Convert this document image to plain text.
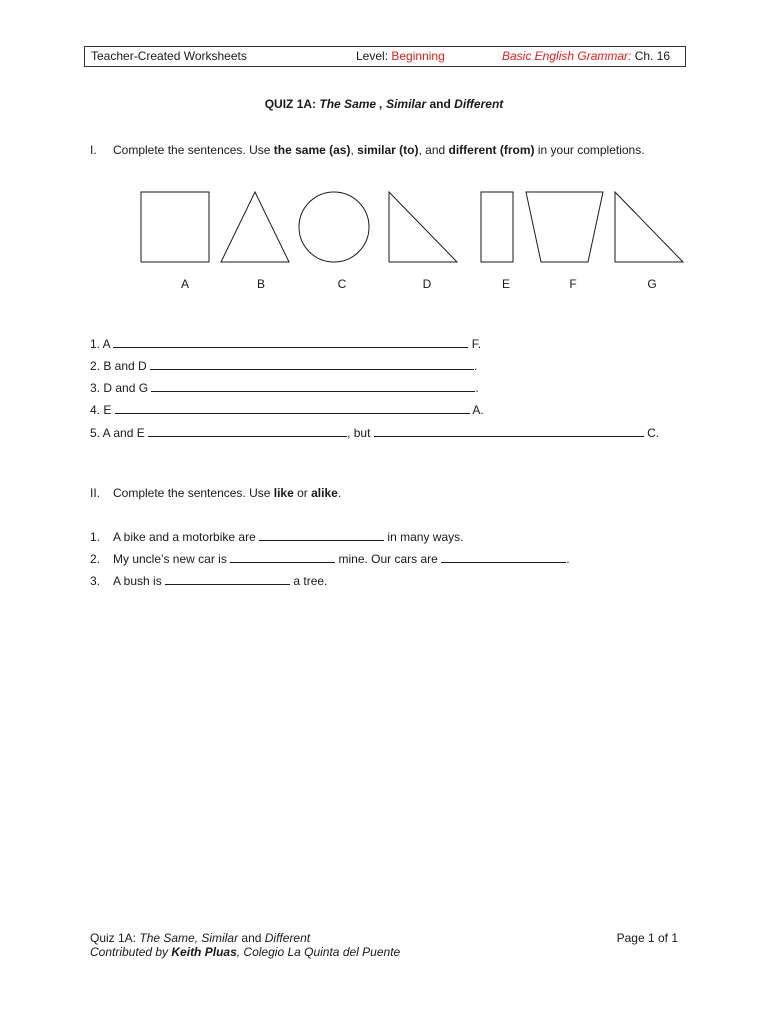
Teacher-Created Worksheets	Level: Beginning	Basic English Grammar: Ch. 16
QUIZ 1A: The Same , Similar and Different
I. Complete the sentences. Use the same (as), similar (to), and different (from) in your completions.
A	B	C	D	E	F	G
1. A	F.
2. B and D	.
3. D and G	.
4. E	A.
5. A and E	, but	C.
II. Complete the sentences. Use like or alike.
1. A bike and a motorbike are	in many ways.
2. My uncle’s new car is	mine. Our cars are	.
3. A bush is	a tree.
Quiz 1A: The Same, Similar and Different
Contributed by Keith Pluas, Colegio La Quinta del Puente
Page 1 of 1
